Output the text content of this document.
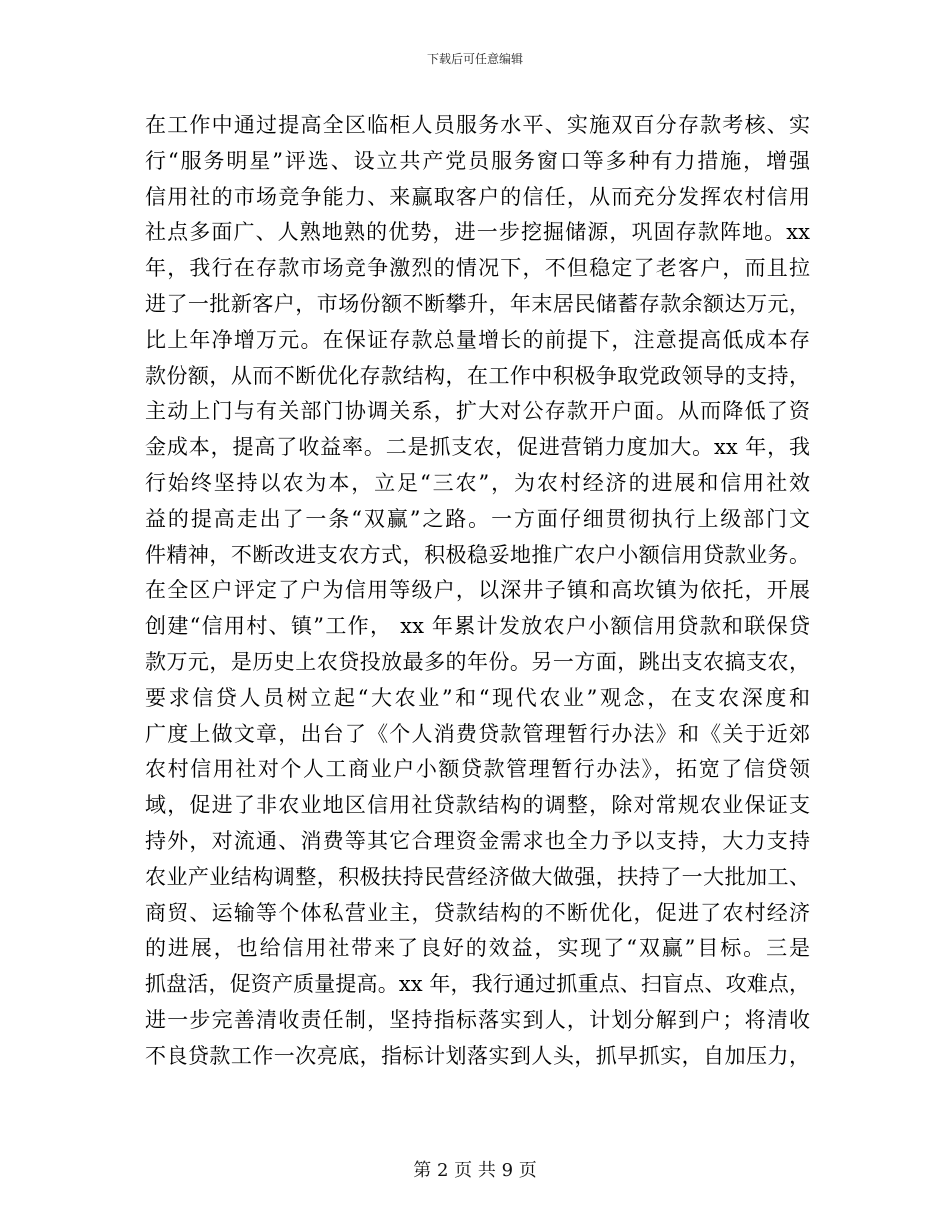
下载后可任意编辑
在工作中通过提高全区临柜人员服务水平、实施双百分存款考核、实
行“服务明星”评选、设立共产党员服务窗口等多种有力措施，增强
信用社的市场竞争能力、来赢取客户的信任，从而充分发挥农村信用
社点多面广、人熟地熟的优势，进一步挖掘储源，巩固存款阵地。xx
年，我行在存款市场竞争激烈的情况下，不但稳定了老客户，而且拉
进了一批新客户，市场份额不断攀升，年末居民储蓄存款余额达万元，
比上年净增万元。在保证存款总量增长的前提下，注意提高低成本存
款份额，从而不断优化存款结构，在工作中积极争取党政领导的支持，
主动上门与有关部门协调关系，扩大对公存款开户面。从而降低了资
金成本，提高了收益率。二是抓支农，促进营销力度加大。xx 年，我
行始终坚持以农为本，立足“三农”，为农村经济的进展和信用社效
益的提高走出了一条“双赢”之路。一方面仔细贯彻执行上级部门文
件精神，不断改进支农方式，积极稳妥地推广农户小额信用贷款业务。
在全区户评定了户为信用等级户，以深井子镇和高坎镇为依托，开展
创建“信用村、镇”工作， xx 年累计发放农户小额信用贷款和联保贷
款万元，是历史上农贷投放最多的年份。另一方面，跳出支农搞支农，
要求信贷人员树立起“大农业”和“现代农业”观念，在支农深度和
广度上做文章，出台了《个人消费贷款管理暂行办法》和《关于近郊
农村信用社对个人工商业户小额贷款管理暂行办法》，拓宽了信贷领
域，促进了非农业地区信用社贷款结构的调整，除对常规农业保证支
持外，对流通、消费等其它合理资金需求也全力予以支持，大力支持
农业产业结构调整，积极扶持民营经济做大做强，扶持了一大批加工、
商贸、运输等个体私营业主，贷款结构的不断优化，促进了农村经济
的进展，也给信用社带来了良好的效益，实现了“双赢”目标。三是
抓盘活，促资产质量提高。xx 年，我行通过抓重点、扫盲点、攻难点，
进一步完善清收责任制，坚持指标落实到人，计划分解到户；将清收
不良贷款工作一次亮底，指标计划落实到人头，抓早抓实，自加压力，
第 2 页 共 9 页
